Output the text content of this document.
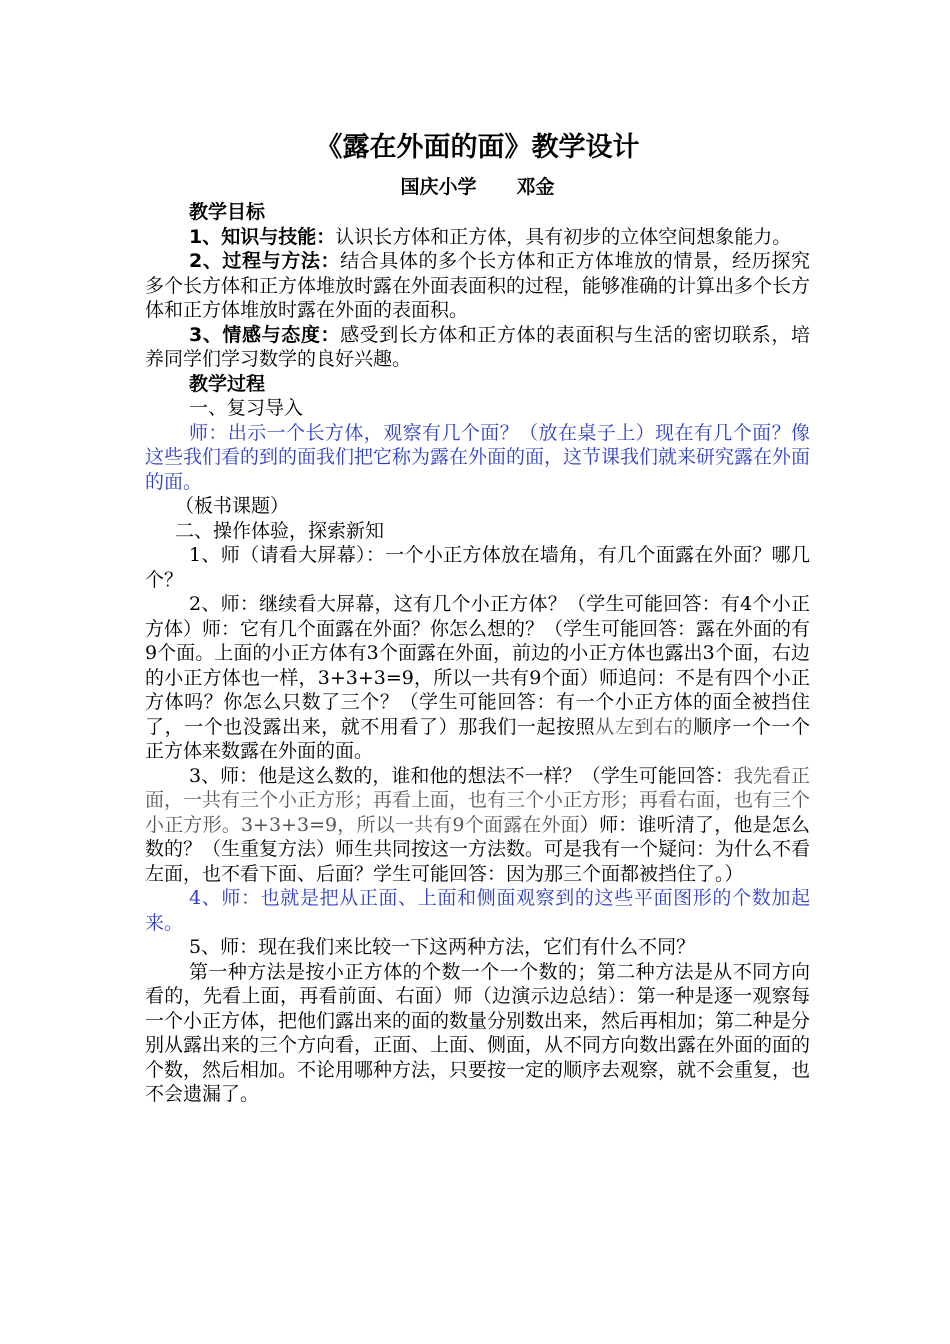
《露在外面的面》教学设计
国庆小学 邓金

教学目标

1、知识与技能：认识长方体和正方体，具有初步的立体空间想象能力。

2、过程与方法：结合具体的多个长方体和正方体堆放的情景，经历探究多个长方体和正方体堆放时露在外面表面积的过程，能够准确的计算出多个长方体和正方体堆放时露在外面的表面积。

3、情感与态度：感受到长方体和正方体的表面积与生活的密切联系，培养同学们学习数学的良好兴趣。

教学过程

一、复习导入

师：出示一个长方体，观察有几个面？（放在桌子上）现在有几个面？像这些我们看的到的面我们把它称为露在外面的面，这节课我们就来研究露在外面的面。

（板书课题）

二、操作体验，探索新知

1、师（请看大屏幕）：一个小正方体放在墙角，有几个面露在外面？哪几个？

2、师：继续看大屏幕，这有几个小正方体？（学生可能回答：有4个小正方体）师：它有几个面露在外面？你怎么想的？（学生可能回答：露在外面的有9个面。上面的小正方体有3个面露在外面，前边的小正方体也露出3个面，右边的小正方体也一样，3+3+3=9，所以一共有9个面）师追问：不是有四个小正方体吗？你怎么只数了三个？（学生可能回答：有一个小正方体的面全被挡住了，一个也没露出来，就不用看了）那我们一起按照从左到右的顺序一个一个正方体来数露在外面的面。

3、师：他是这么数的，谁和他的想法不一样？（学生可能回答：我先看正面，一共有三个小正方形；再看上面，也有三个小正方形；再看右面，也有三个小正方形。3+3+3=9，所以一共有9个面露在外面）师：谁听清了，他是怎么数的？（生重复方法）师生共同按这一方法数。可是我有一个疑问：为什么不看左面，也不看下面、后面？学生可能回答：因为那三个面都被挡住了。）

4、师：也就是把从正面、上面和侧面观察到的这些平面图形的个数加起来。

5、师：现在我们来比较一下这两种方法，它们有什么不同？

第一种方法是按小正方体的个数一个一个数的；第二种方法是从不同方向看的，先看上面，再看前面、右面）师（边演示边总结）：第一种是逐一观察每一个小正方体，把他们露出来的面的数量分别数出来，然后再相加；第二种是分别从露出来的三个方向看，正面、上面、侧面，从不同方向数出露在外面的面的个数，然后相加。不论用哪种方法，只要按一定的顺序去观察，就不会重复，也不会遗漏了。
